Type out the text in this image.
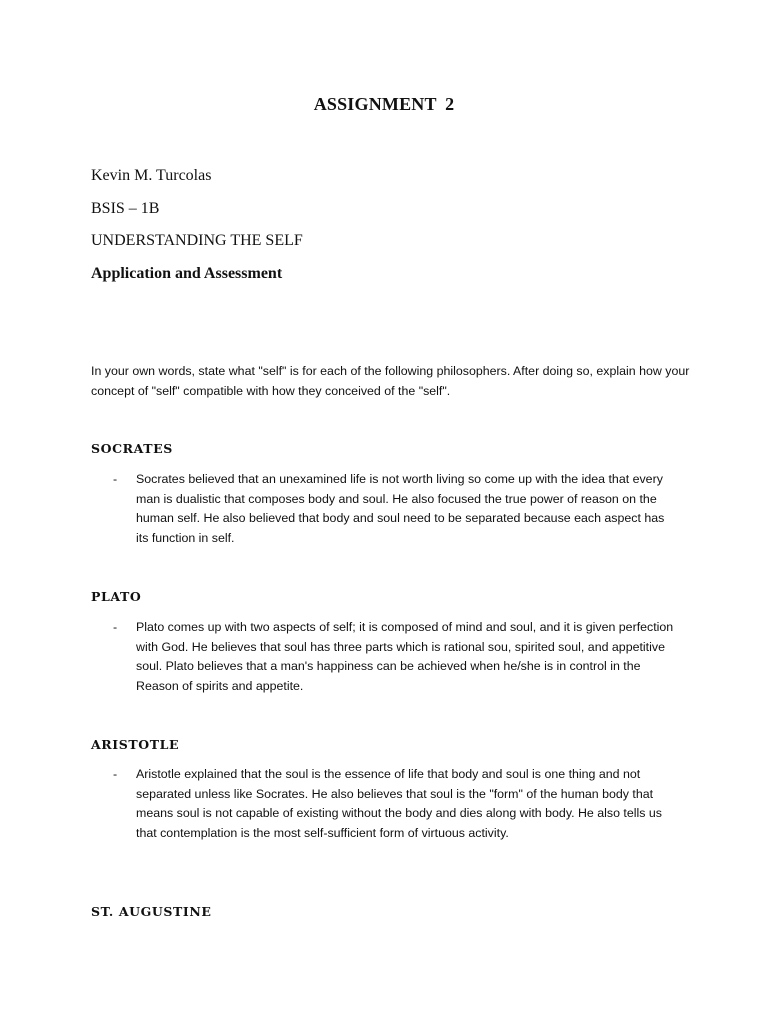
ASSIGNMENT 2
Kevin M. Turcolas
BSIS – 1B
UNDERSTANDING THE SELF
Application and Assessment

In your own words, state what "self" is for each of the following philosophers. After doing so, explain how your concept of "self" compatible with how they conceived of the "self".

SOCRATES
- Socrates believed that an unexamined life is not worth living so come up with the idea that every man is dualistic that composes body and soul. He also focused the true power of reason on the human self. He also believed that body and soul need to be separated because each aspect has its function in self.

PLATO
- Plato comes up with two aspects of self; it is composed of mind and soul, and it is given perfection with God. He believes that soul has three parts which is rational sou, spirited soul, and appetitive soul. Plato believes that a man's happiness can be achieved when he/she is in control in the Reason of spirits and appetite.

ARISTOTLE
- Aristotle explained that the soul is the essence of life that body and soul is one thing and not separated unless like Socrates. He also believes that soul is the "form" of the human body that means soul is not capable of existing without the body and dies along with body. He also tells us that contemplation is the most self-sufficient form of virtuous activity.

ST. AUGUSTINE
